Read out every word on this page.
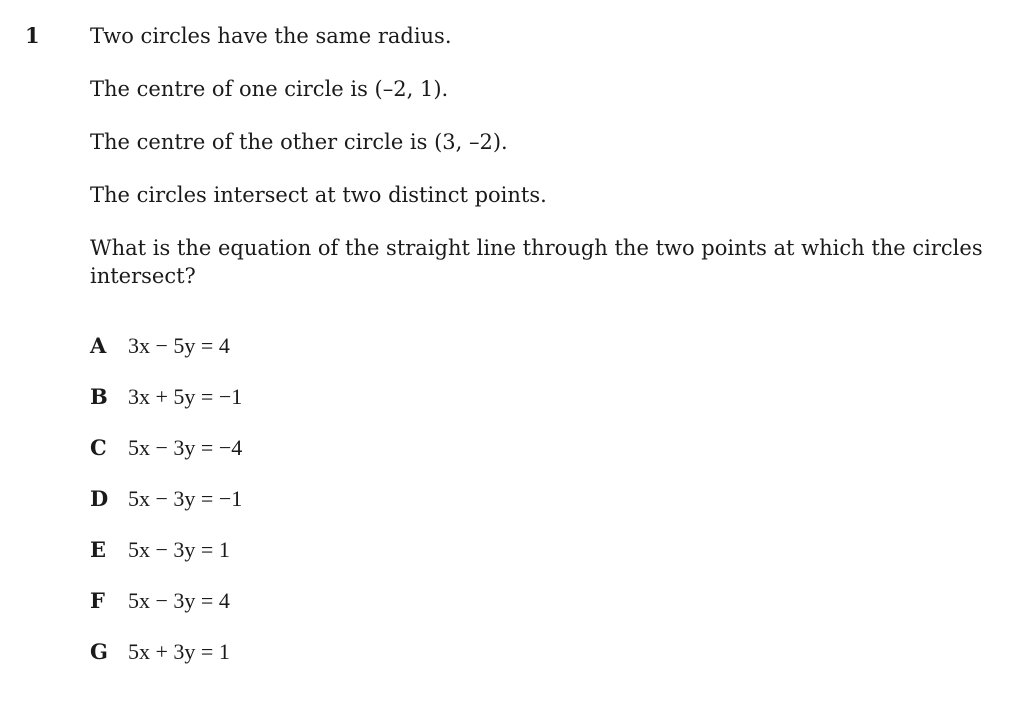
1 Two circles have the same radius.

The centre of one circle is (–2, 1).

The centre of the other circle is (3, –2).

The circles intersect at two distinct points.

What is the equation of the straight line through the two points at which the circles intersect?

A 3x − 5y = 4
B 3x + 5y = −1
C 5x − 3y = −4
D 5x − 3y = −1
E 5x − 3y = 1
F	5x − 3y = 4
G 5x + 3y = 1
